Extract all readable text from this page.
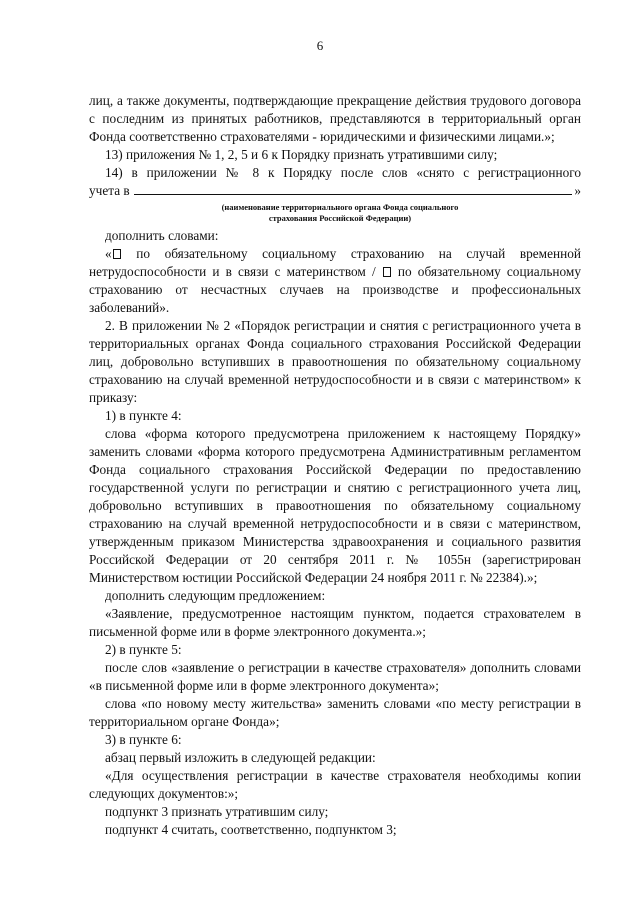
6

лиц, а также документы, подтверждающие прекращение действия трудового договора с последним из принятых работников, представляются в территориальный орган Фонда соответственно страхователями - юридическими и физическими лицами.»;

13) приложения № 1, 2, 5 и 6 к Порядку признать утратившими силу;

14) в приложении № 8 к Порядку после слов «снято с регистрационного

учета в	»
(наименование территориального органа Фонда социального
страхования Российской Федерации)

дополнить словами:

« по обязательному социальному страхованию на случай временной нетрудоспособности и в связи с материнством /  по обязательному социальному страхованию от несчастных случаев на производстве и профессиональных заболеваний».

2. В приложении № 2 «Порядок регистрации и снятия с регистрационного учета в территориальных органах Фонда социального страхования Российской Федерации лиц, добровольно вступивших в правоотношения по обязательному социальному страхованию на случай временной нетрудоспособности и в связи с материнством» к приказу:

1) в пункте 4:

слова «форма которого предусмотрена приложением к настоящему Порядку» заменить словами «форма которого предусмотрена Административным регламентом Фонда социального страхования Российской Федерации по предоставлению государственной услуги по регистрации и снятию с регистрационного учета лиц, добровольно вступивших в правоотношения по обязательному социальному страхованию на случай временной нетрудоспособности и в связи с материнством, утвержденным приказом Министерства здравоохранения и социального развития Российской Федерации от 20 сентября 2011 г. № 1055н (зарегистрирован Министерством юстиции Российской Федерации 24 ноября 2011 г. № 22384).»;

дополнить следующим предложением:

«Заявление, предусмотренное настоящим пунктом, подается страхователем в письменной форме или в форме электронного документа.»;

2) в пункте 5:

после слов «заявление о регистрации в качестве страхователя» дополнить словами «в письменной форме или в форме электронного документа»;

слова «по новому месту жительства» заменить словами «по месту регистрации в территориальном органе Фонда»;

3) в пункте 6:

абзац первый изложить в следующей редакции:

«Для осуществления регистрации в качестве страхователя необходимы копии следующих документов:»;

подпункт 3 признать утратившим силу;

подпункт 4 считать, соответственно, подпунктом 3;
